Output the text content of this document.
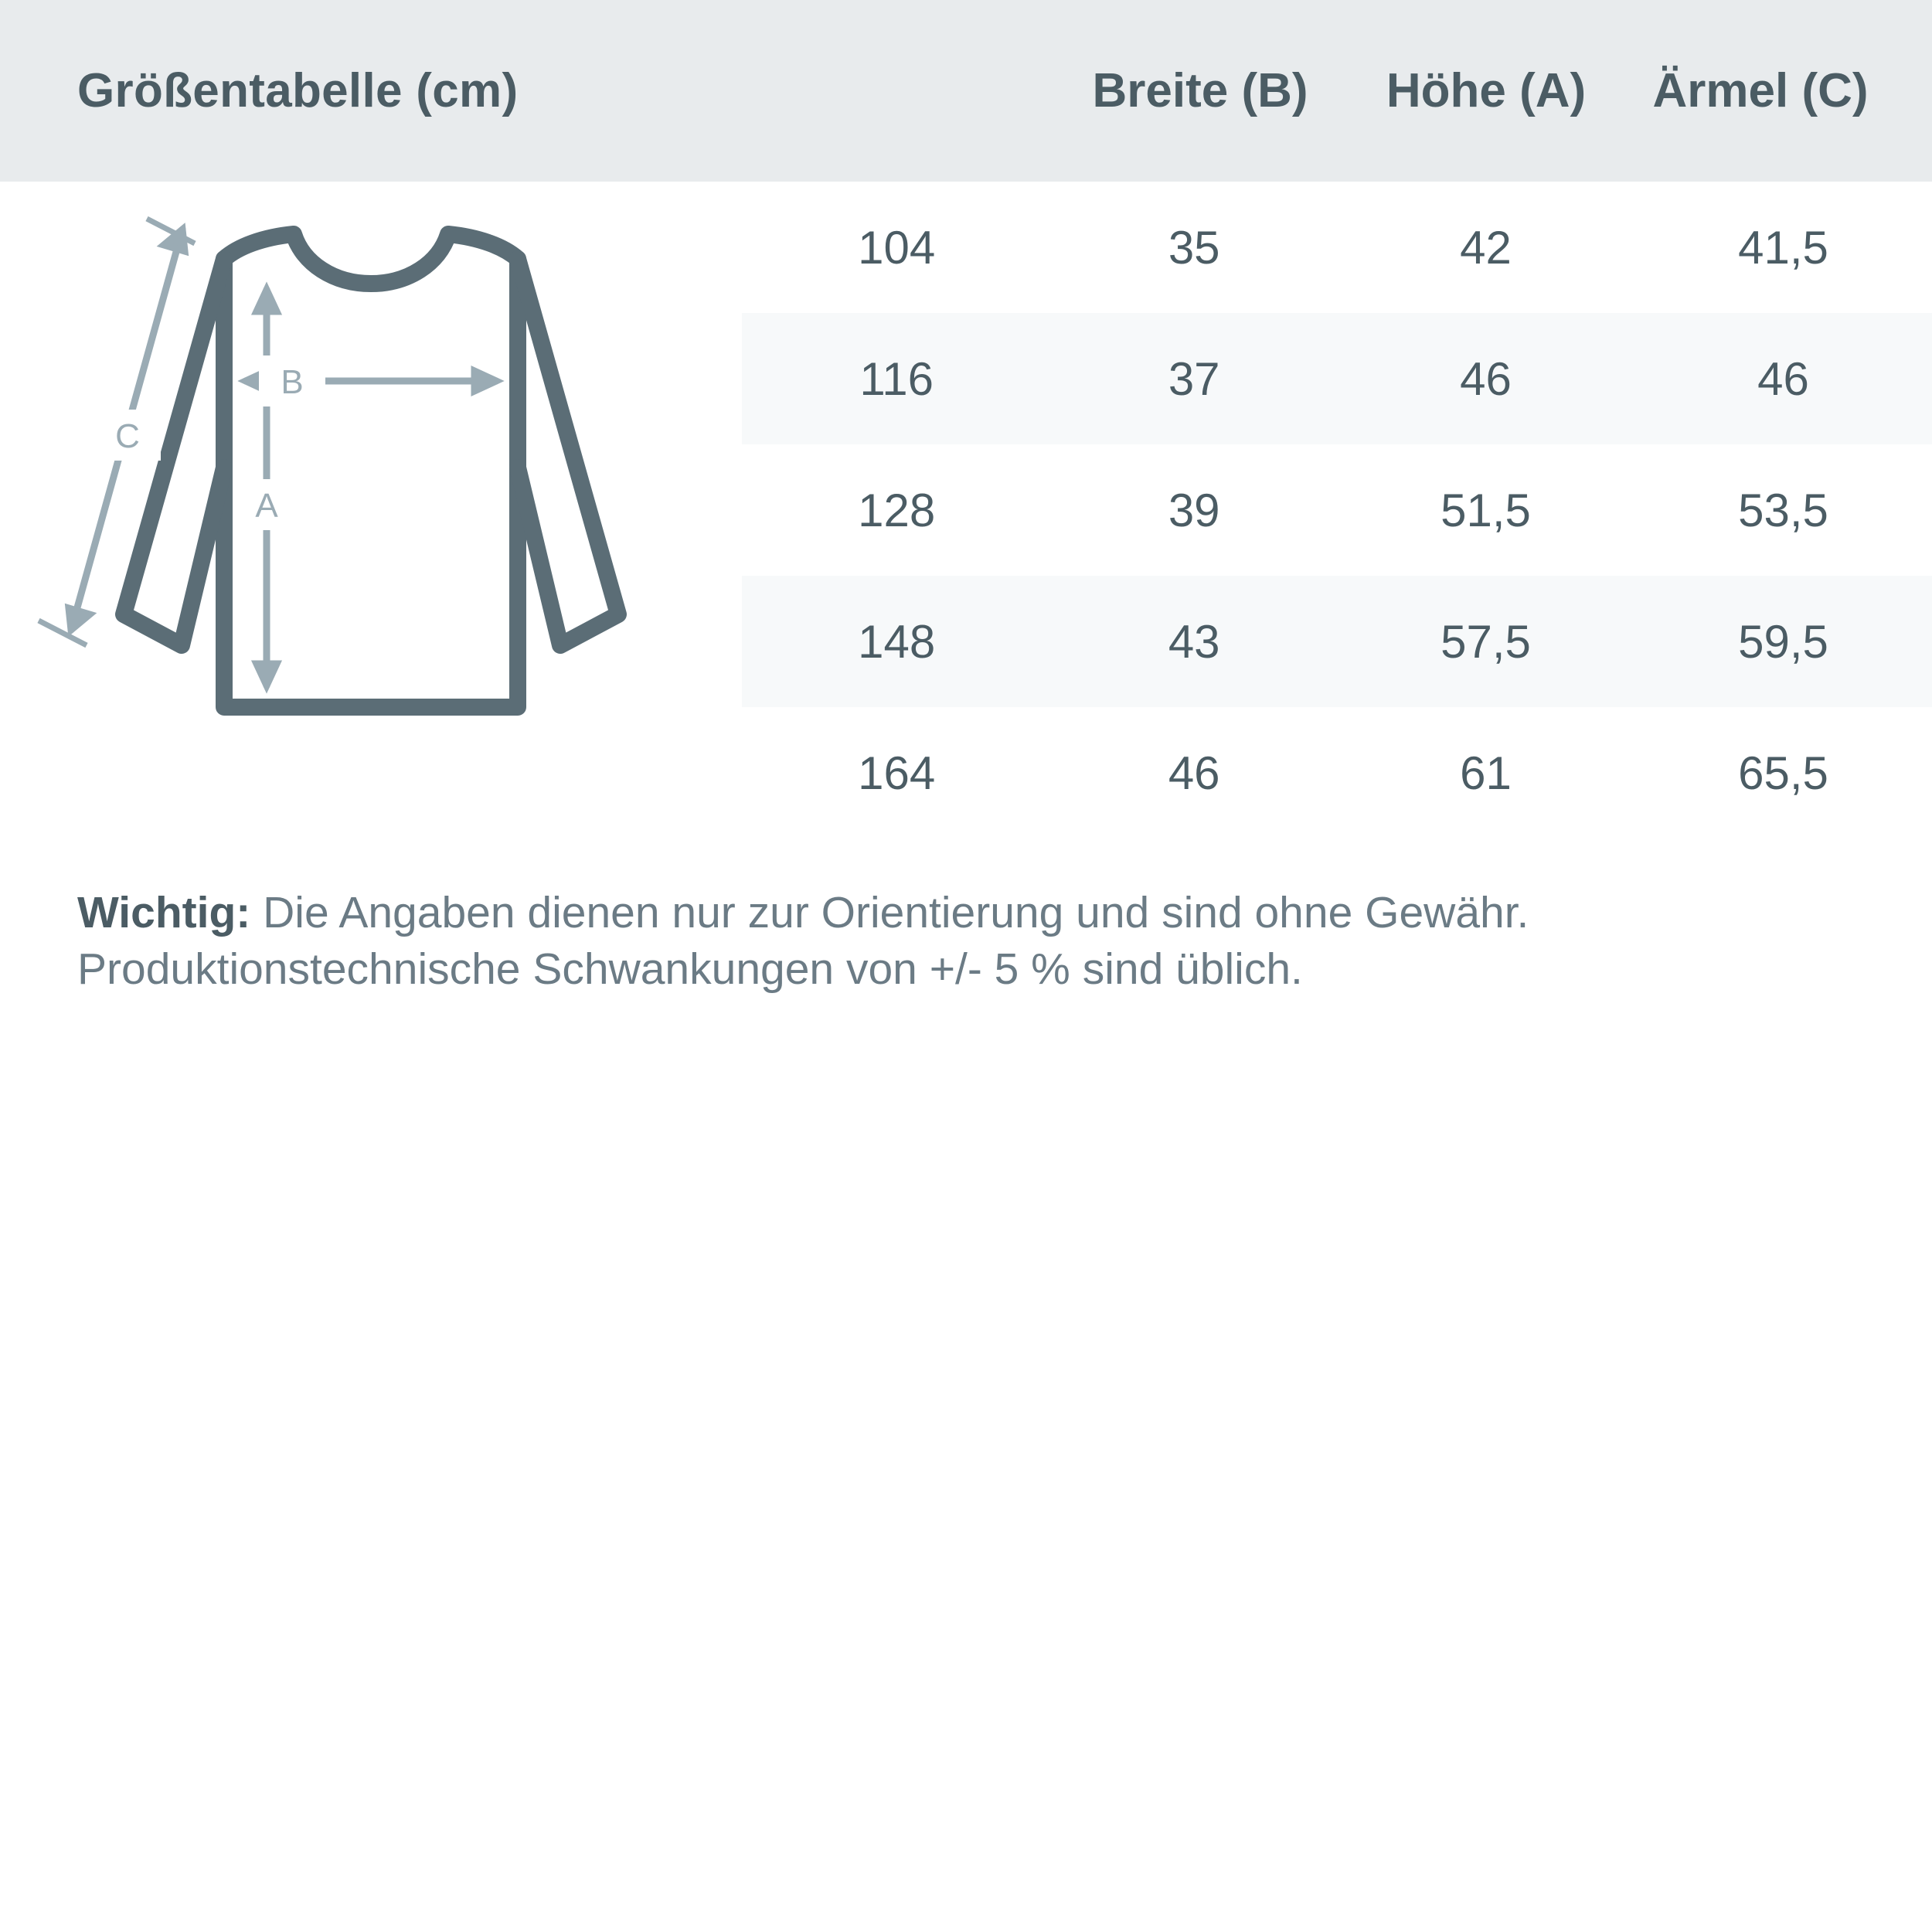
Größentabelle (cm)	Breite (B)	Höhe (A)	Ärmel (C)
B
A
C
104	35	42	41,5
116	37	46	46
128	39	51,5	53,5
148	43	57,5	59,5
164	46	61	65,5
Wichtig: Die Angaben dienen nur zur Orientierung und sind ohne Gewähr.
Produktionstechnische Schwankungen von +/- 5 % sind üblich.
